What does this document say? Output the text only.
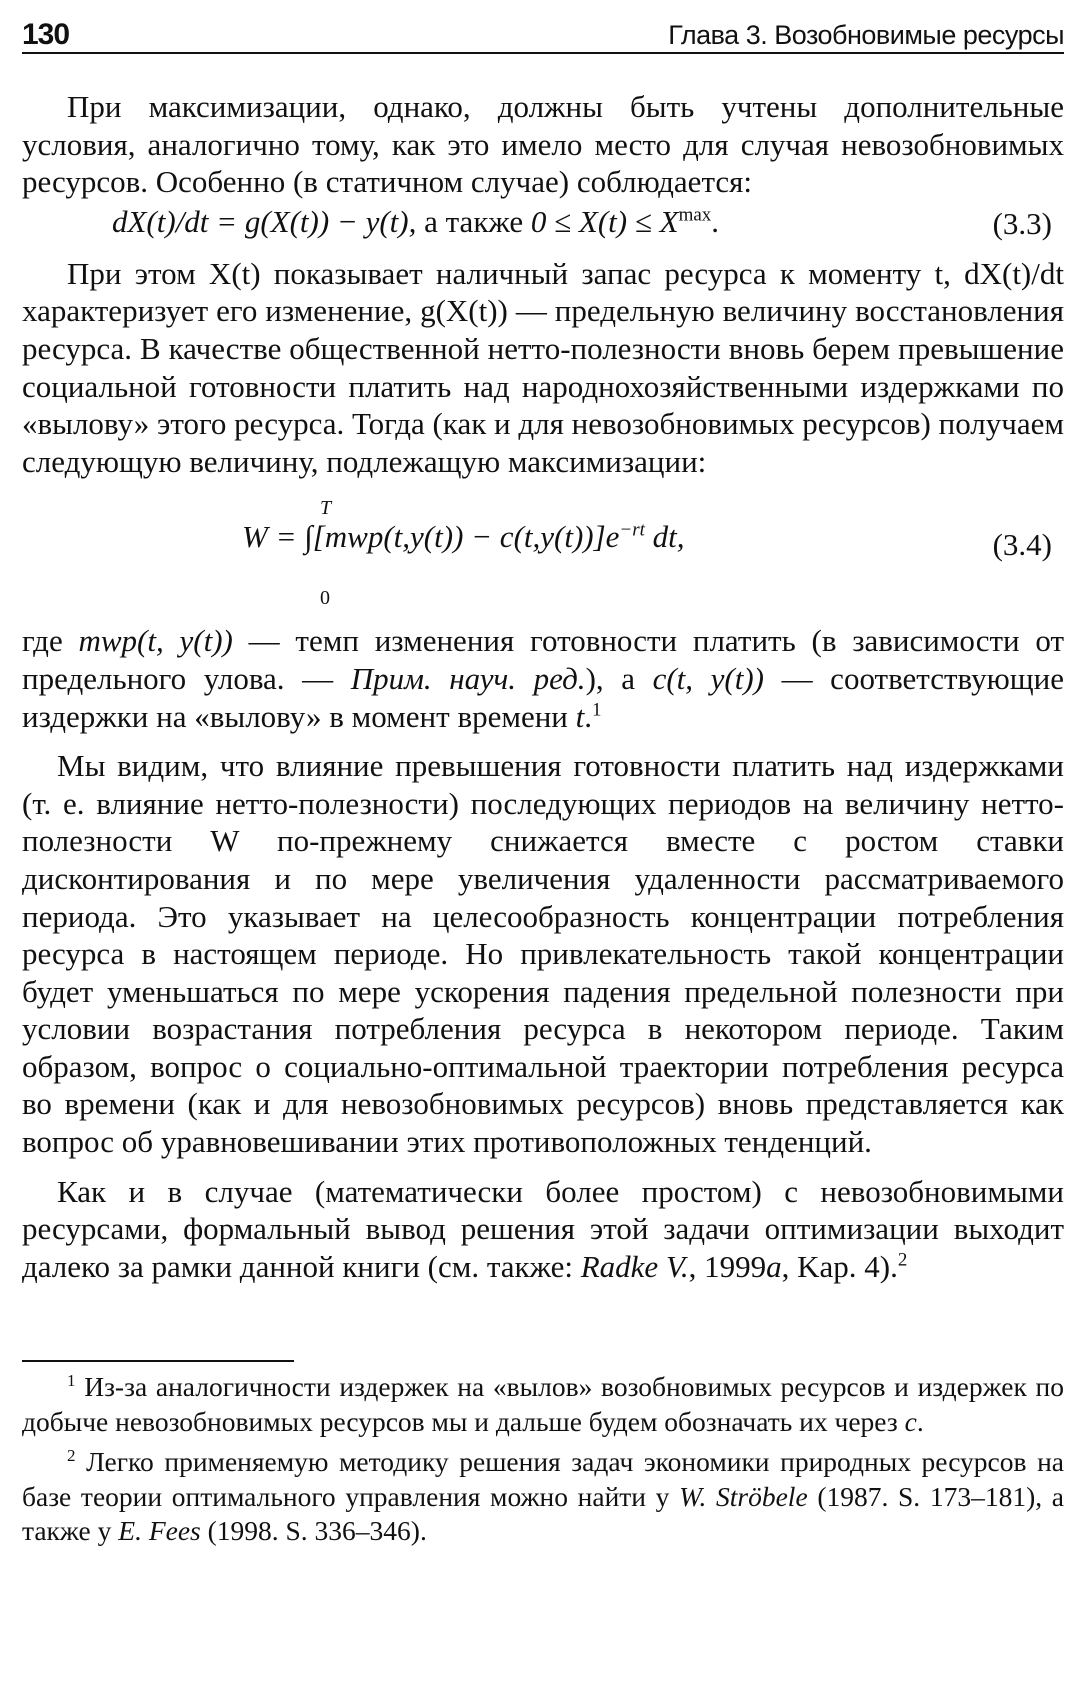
130	Глава 3. Возобновимые ресурсы

При максимизации, однако, должны быть учтены дополнительные условия, аналогично тому, как это имело место для случая невозобновимых ресурсов. Особенно (в статичном случае) соблюдается:

dX(t)/dt = g(X(t)) − y(t), а также $0 \le X(t) \le X^{max}$.	(3.3)

При этом X(t) показывает наличный запас ресурса к моменту t, dX(t)/dt характеризует его изменение, g(X(t)) — предельную величину восстановления ресурса. В качестве общественной нетто-полезности вновь берем превышение социальной готовности платить над народнохозяйственными издержками по «вылову» этого ресурса. Тогда (как и для невозобновимых ресурсов) получаем следующую величину, подлежащую максимизации:

T
$W = \int[mwp(t,y(t)) - c(t,y(t))]e^{-rt}$ dt,
0
(3.4)

где mwp(t, y(t)) — темп изменения готовности платить (в зависимости от предельного улова. — Прим. науч. ред.), а c(t, y(t)) — соответствующие издержки на «вылову» в момент времени t.$^1$

Мы видим, что влияние превышения готовности платить над издержками (т. е. влияние нетто-полезности) последующих периодов на величину нетто-полезности W по-прежнему снижается вместе с ростом ставки дисконтирования и по мере увеличения удаленности рассматриваемого периода. Это указывает на целесообразность концентрации потребления ресурса в настоящем периоде. Но привлекательность такой концентрации будет уменьшаться по мере ускорения падения предельной полезности при условии возрастания потребления ресурса в некотором периоде. Таким образом, вопрос о социально-оптимальной траектории потребления ресурса во времени (как и для невозобновимых ресурсов) вновь представляется как вопрос об уравновешивании этих противоположных тенденций.

Как и в случае (математически более простом) с невозобновимыми ресурсами, формальный вывод решения этой задачи оптимизации выходит далеко за рамки данной книги (см. также: Radke V., 1999a, Kap. 4).$^2$

$^1$ Из-за аналогичности издержек на «вылов» возобновимых ресурсов и издержек по добыче невозобновимых ресурсов мы и дальше будем обозначать их через c.

$^2$ Легко применяемую методику решения задач экономики природных ресурсов на базе теории оптимального управления можно найти у W. Ströbele (1987. S. 173–181), а также у E. Fees (1998. S. 336–346).
